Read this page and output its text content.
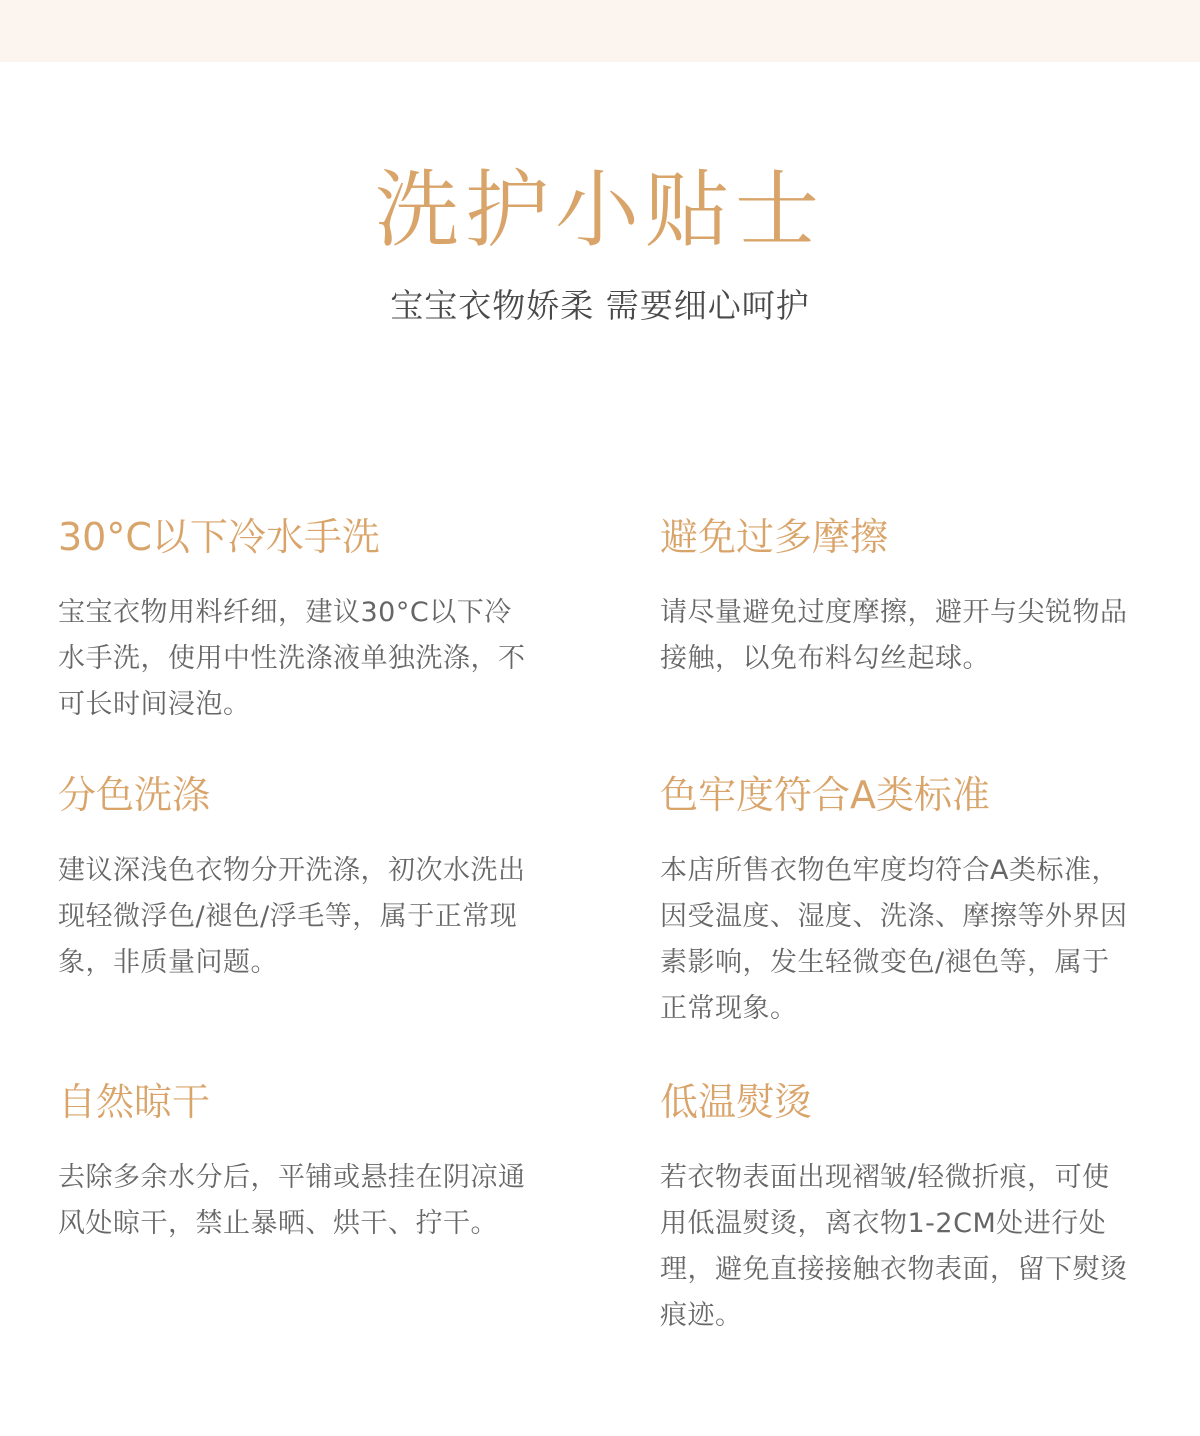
洗护小贴士

宝宝衣物娇柔 需要细心呵护

30°C以下冷水手洗

宝宝衣物用料纤细，建议30°C以下冷水手洗，使用中性洗涤液单独洗涤，不可长时间浸泡。

避免过多摩擦

请尽量避免过度摩擦，避开与尖锐物品接触，以免布料勾丝起球。

分色洗涤

建议深浅色衣物分开洗涤，初次水洗出现轻微浮色/褪色/浮毛等，属于正常现象，非质量问题。

色牢度符合A类标准

本店所售衣物色牢度均符合A类标准，因受温度、湿度、洗涤、摩擦等外界因素影响，发生轻微变色/褪色等，属于正常现象。

自然晾干

去除多余水分后，平铺或悬挂在阴凉通风处晾干，禁止暴晒、烘干、拧干。

低温熨烫

若衣物表面出现褶皱/轻微折痕，可使用低温熨烫，离衣物1-2CM处进行处理，避免直接接触衣物表面，留下熨烫痕迹。
